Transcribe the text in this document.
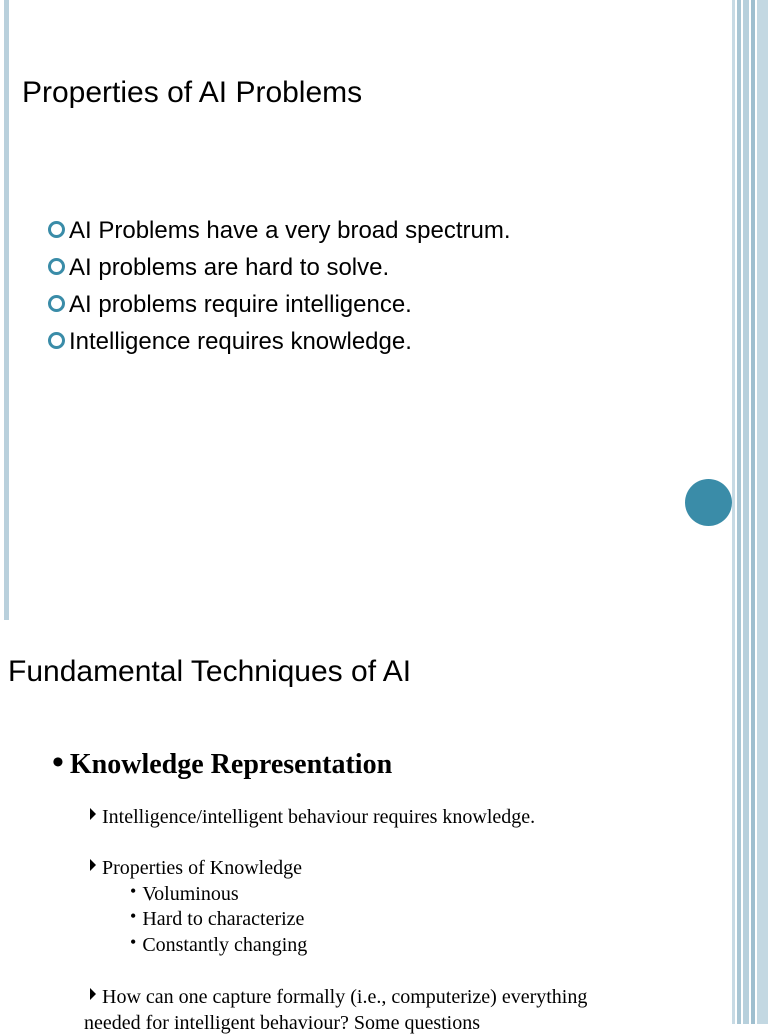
Properties of AI Problems
AI Problems have a very broad spectrum.
AI problems are hard to solve.
AI problems require intelligence.
Intelligence requires knowledge.
Fundamental Techniques of AI
• Knowledge Representation
Intelligence/intelligent behaviour requires knowledge.
Properties of Knowledge
• Voluminous
• Hard to characterize
• Constantly changing
How can one capture formally (i.e., computerize) everything
needed for intelligent behaviour? Some questions
